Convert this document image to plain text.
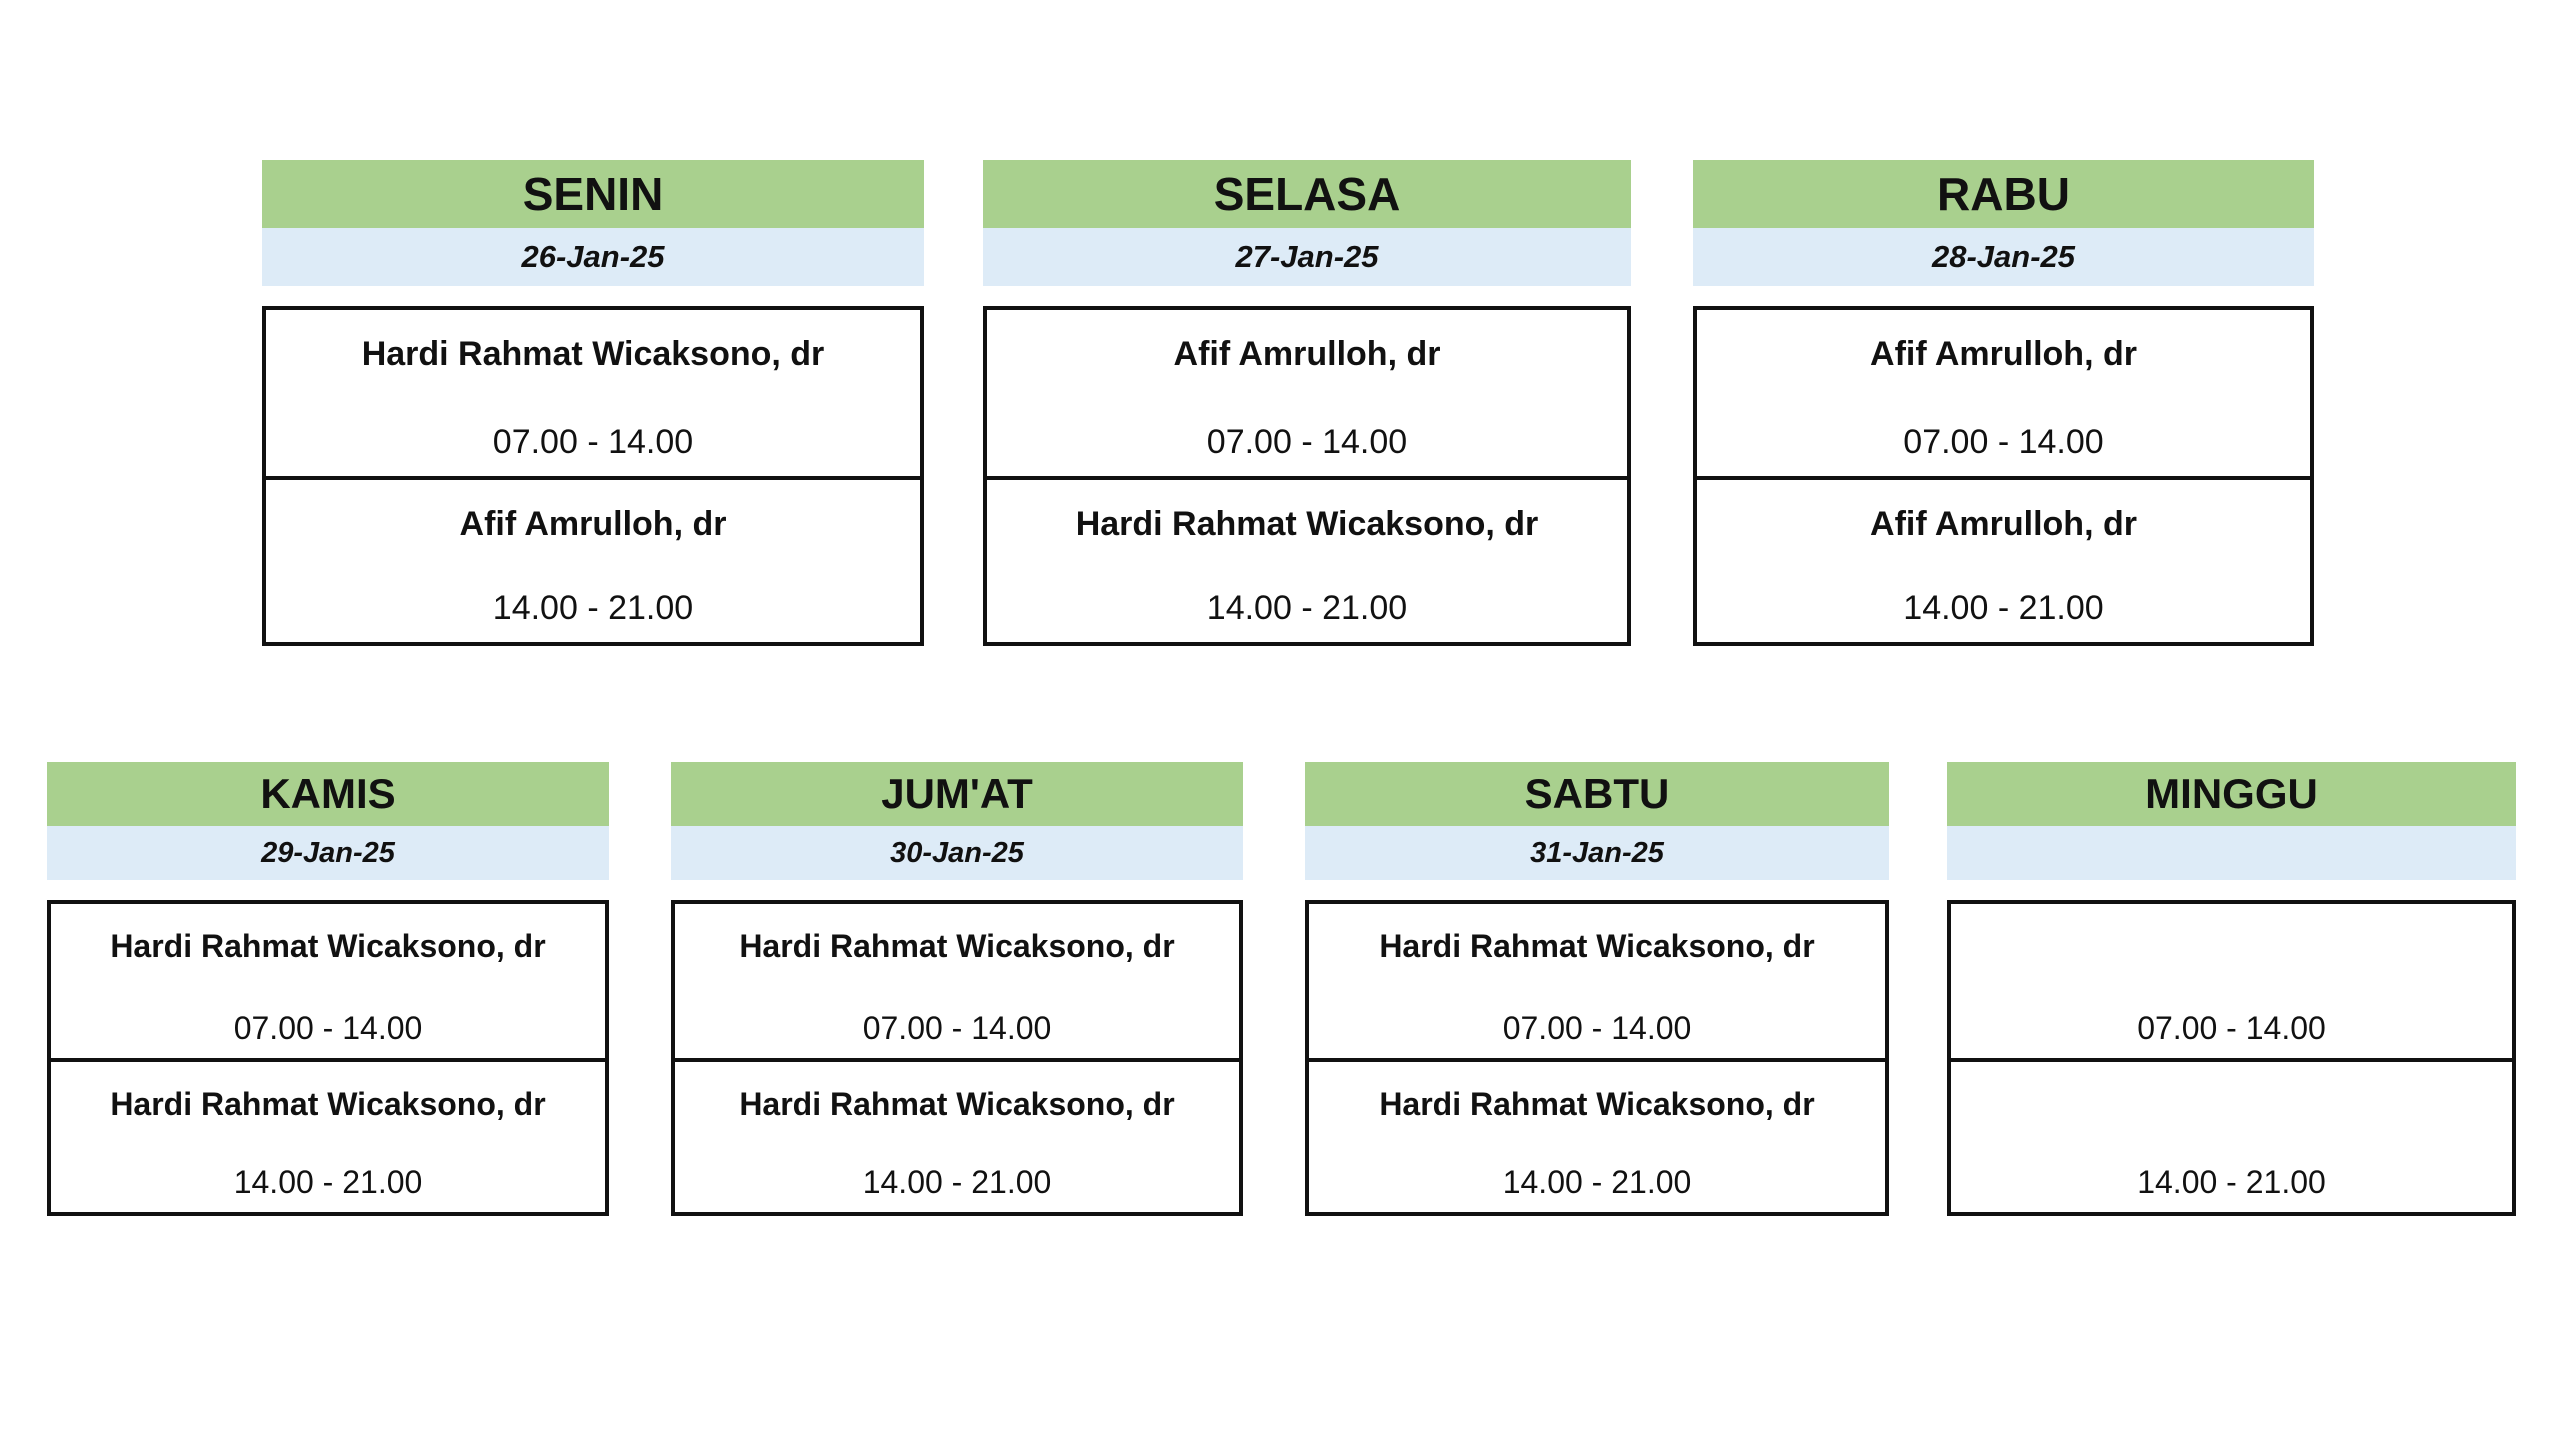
SENIN
26-Jan-25
Hardi Rahmat Wicaksono, dr
07.00 - 14.00
Afif Amrulloh, dr
14.00 - 21.00
SELASA
27-Jan-25
Afif Amrulloh, dr
07.00 - 14.00
Hardi Rahmat Wicaksono, dr
14.00 - 21.00
RABU
28-Jan-25
Afif Amrulloh, dr
07.00 - 14.00
Afif Amrulloh, dr
14.00 - 21.00
KAMIS
29-Jan-25
Hardi Rahmat Wicaksono, dr
07.00 - 14.00
Hardi Rahmat Wicaksono, dr
14.00 - 21.00
JUM'AT
30-Jan-25
Hardi Rahmat Wicaksono, dr
07.00 - 14.00
Hardi Rahmat Wicaksono, dr
14.00 - 21.00
SABTU
31-Jan-25
Hardi Rahmat Wicaksono, dr
07.00 - 14.00
Hardi Rahmat Wicaksono, dr
14.00 - 21.00
MINGGU
07.00 - 14.00
14.00 - 21.00
